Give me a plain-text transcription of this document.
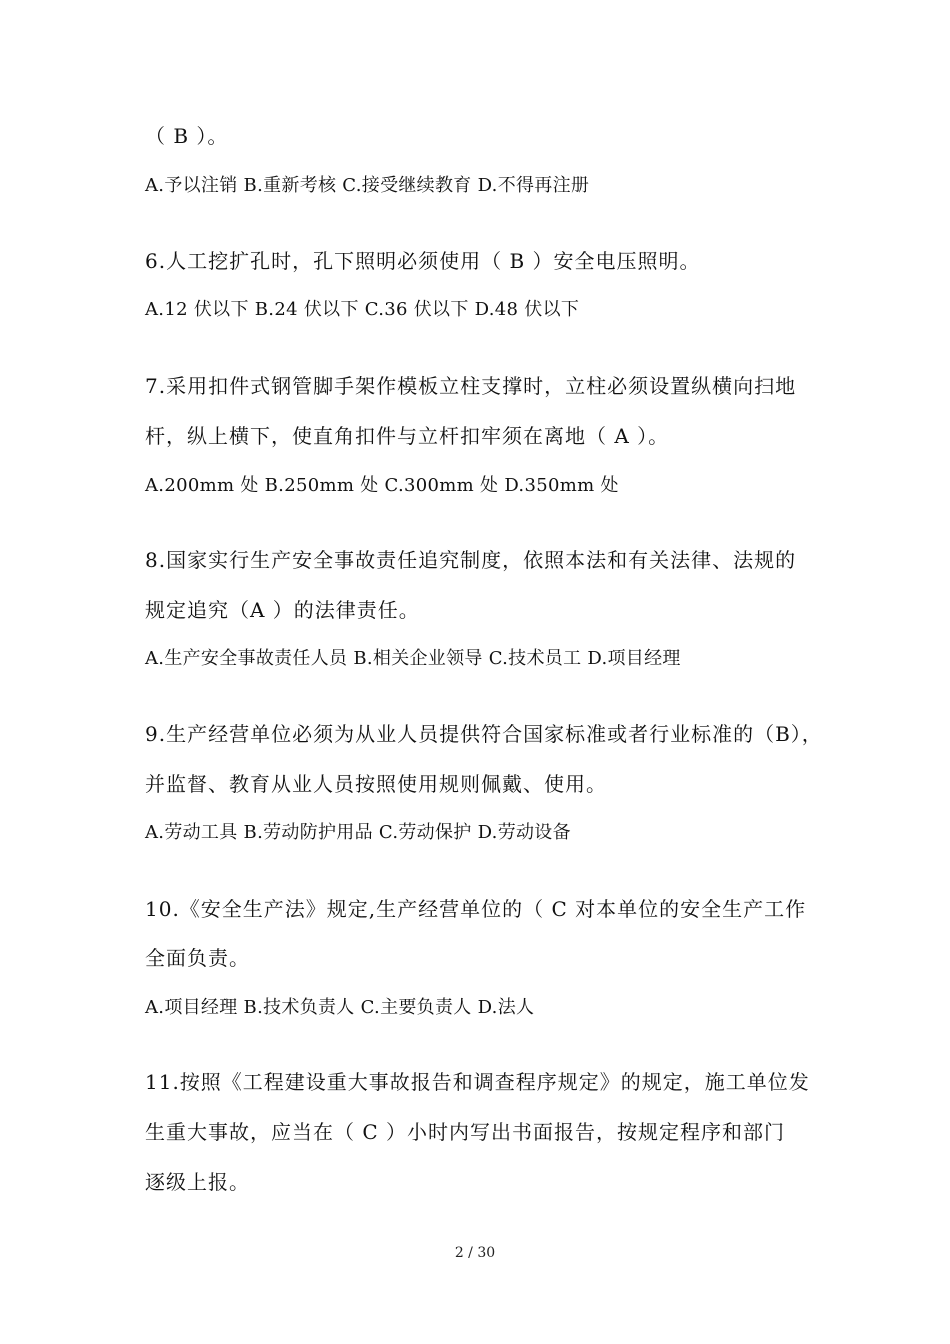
（ B ）。
A.予以注销 B.重新考核 C.接受继续教育 D.不得再注册
6.人工挖扩孔时，孔下照明必须使用（ B ）安全电压照明。
A.12 伏以下 B.24 伏以下 C.36 伏以下 D.48 伏以下
7.采用扣件式钢管脚手架作模板立柱支撑时，立柱必须设置纵横向扫地
杆，纵上横下，使直角扣件与立杆扣牢须在离地（ A ）。
A.200mm 处 B.250mm 处 C.300mm 处 D.350mm 处
8.国家实行生产安全事故责任追究制度，依照本法和有关法律、法规的
规定追究（A ）的法律责任。
A.生产安全事故责任人员 B.相关企业领导 C.技术员工 D.项目经理
9.生产经营单位必须为从业人员提供符合国家标准或者行业标准的（B），
并监督、教育从业人员按照使用规则佩戴、使用。
A.劳动工具 B.劳动防护用品 C.劳动保护 D.劳动设备
10.《安全生产法》规定,生产经营单位的（ C 对本单位的安全生产工作
全面负责。
A.项目经理 B.技术负责人 C.主要负责人 D.法人
11.按照《工程建设重大事故报告和调查程序规定》的规定，施工单位发
生重大事故，应当在（ C ）小时内写出书面报告，按规定程序和部门
逐级上报。
2 / 30
